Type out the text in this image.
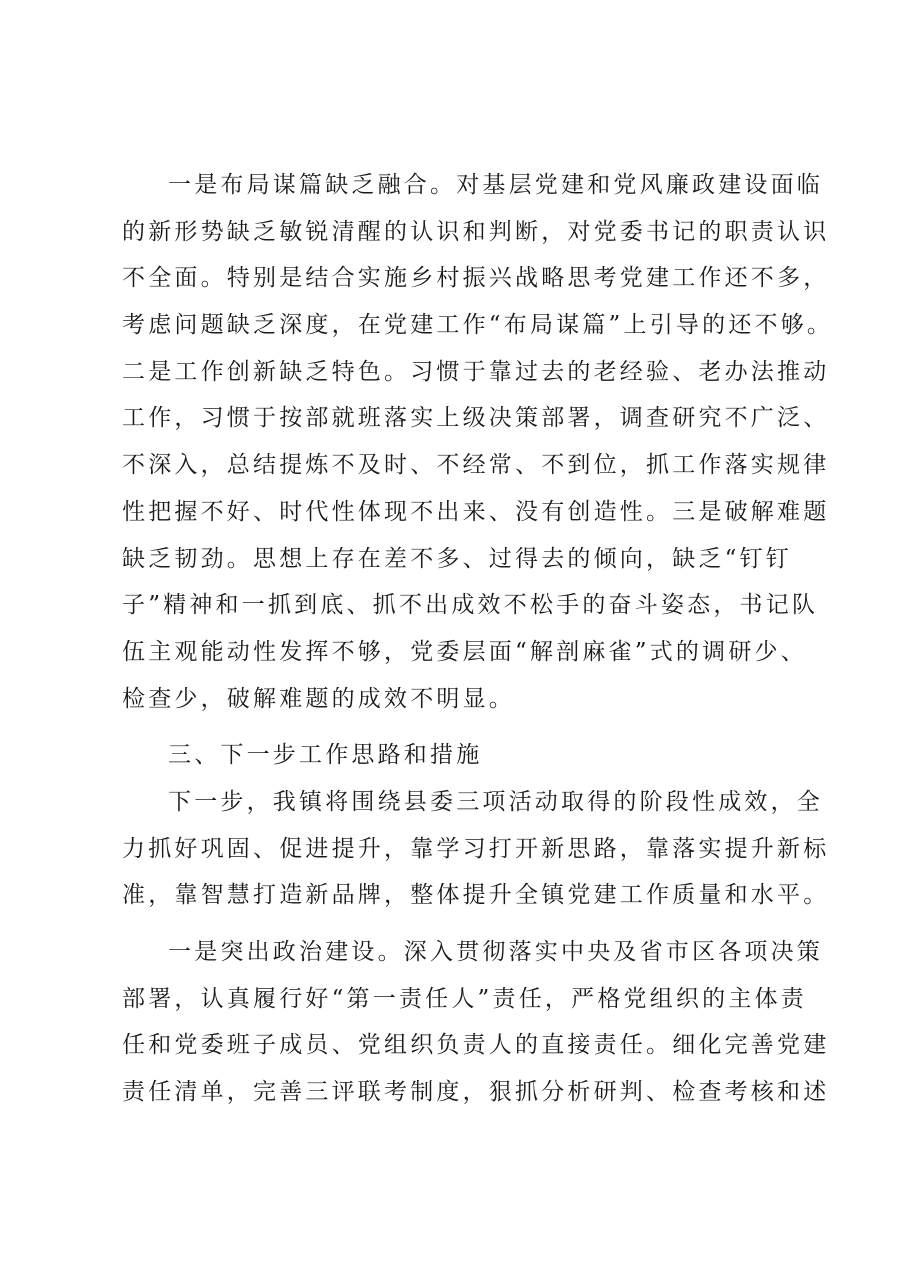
一是布局谋篇缺乏融合。对基层党建和党风廉政建设面临
的新形势缺乏敏锐清醒的认识和判断，对党委书记的职责认识
不全面。特别是结合实施乡村振兴战略思考党建工作还不多，
考虑问题缺乏深度，在党建工作“布局谋篇”上引导的还不够。
二是工作创新缺乏特色。习惯于靠过去的老经验、老办法推动
工作，习惯于按部就班落实上级决策部署，调查研究不广泛、
不深入，总结提炼不及时、不经常、不到位，抓工作落实规律
性把握不好、时代性体现不出来、没有创造性。三是破解难题
缺乏韧劲。思想上存在差不多、过得去的倾向，缺乏“钉钉
子”精神和一抓到底、抓不出成效不松手的奋斗姿态，书记队
伍主观能动性发挥不够，党委层面“解剖麻雀”式的调研少、
检查少，破解难题的成效不明显。
三、下一步工作思路和措施
下一步，我镇将围绕县委三项活动取得的阶段性成效，全
力抓好巩固、促进提升，靠学习打开新思路，靠落实提升新标
准，靠智慧打造新品牌，整体提升全镇党建工作质量和水平。
一是突出政治建设。深入贯彻落实中央及省市区各项决策
部署，认真履行好“第一责任人”责任，严格党组织的主体责
任和党委班子成员、党组织负责人的直接责任。细化完善党建
责任清单，完善三评联考制度，狠抓分析研判、检查考核和述
